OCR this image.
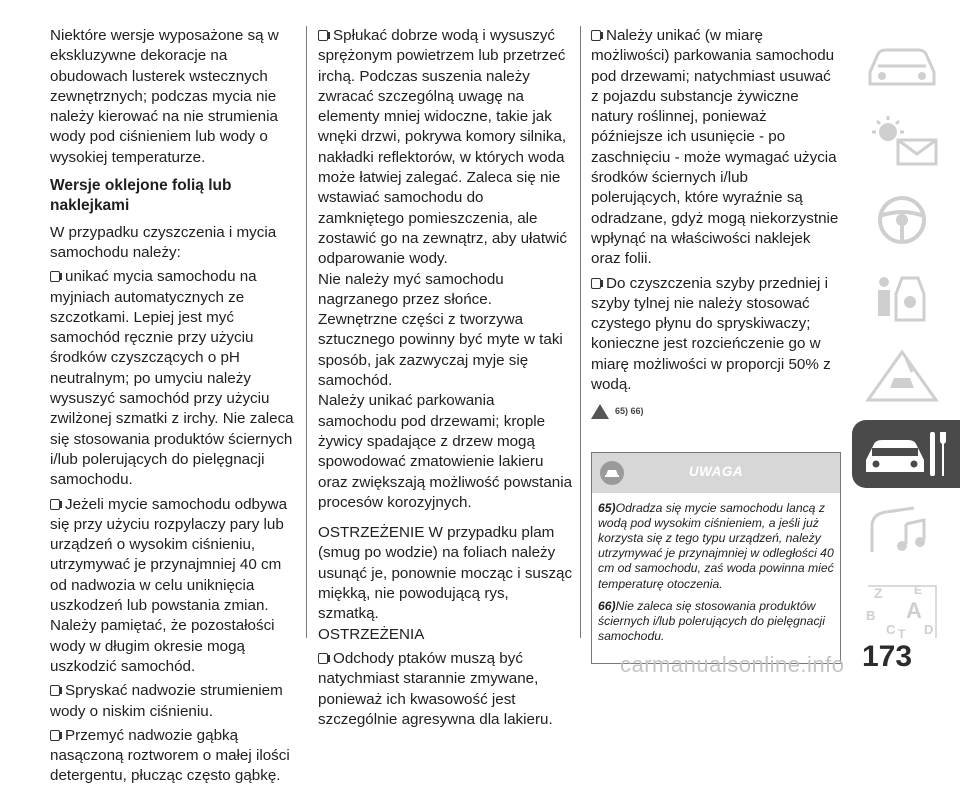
Niektóre wersje wyposażone są w ekskluzywne dekoracje na obudowach lusterek wstecznych zewnętrznych; podczas mycia nie należy kierować na nie strumienia wody pod ciśnieniem lub wody o wysokiej temperaturze.

Wersje oklejone folią lub naklejkami

W przypadku czyszczenia i mycia samochodu należy:

unikać mycia samochodu na myjniach automatycznych ze szczotkami. Lepiej jest myć samochód ręcznie przy użyciu środków czyszczących o pH neutralnym; po umyciu należy wysuszyć samochód przy użyciu zwilżonej szmatki z irchy. Nie zaleca się stosowania produktów ściernych i/lub polerujących do pielęgnacji samochodu.

Jeżeli mycie samochodu odbywa się przy użyciu rozpylaczy pary lub urządzeń o wysokim ciśnieniu, utrzymywać je przynajmniej 40 cm od nadwozia w celu uniknięcia uszkodzeń lub powstania zmian. Należy pamiętać, że pozostałości wody w długim okresie mogą uszkodzić samochód.

Spryskać nadwozie strumieniem wody o niskim ciśnieniu.

Przemyć nadwozie gąbką nasączoną roztworem o małej ilości detergentu, płucząc często gąbkę.

Spłukać dobrze wodą i wysuszyć sprężonym powietrzem lub przetrzeć irchą. Podczas suszenia należy zwracać szczególną uwagę na elementy mniej widoczne, takie jak wnęki drzwi, pokrywa komory silnika, nakładki reflektorów, w których woda może łatwiej zalegać. Zaleca się nie wstawiać samochodu do zamkniętego pomieszczenia, ale zostawić go na zewnątrz, aby ułatwić odparowanie wody.

Nie należy myć samochodu nagrzanego przez słońce.
Zewnętrzne części z tworzywa sztucznego powinny być myte w taki sposób, jak zazwyczaj myje się samochód.
Należy unikać parkowania samochodu pod drzewami; krople żywicy spadające z drzew mogą spowodować zmatowienie lakieru oraz zwiększają możliwość powstania procesów korozyjnych.
OSTRZEŻENIE W przypadku plam (smug po wodzie) na foliach należy usunąć je, ponownie mocząc i susząc miękką, nie powodującą rys, szmatką.
OSTRZEŻENIA

Odchody ptaków muszą być natychmiast starannie zmywane, ponieważ ich kwasowość jest szczególnie agresywna dla lakieru.

Należy unikać (w miarę możliwości) parkowania samochodu pod drzewami; natychmiast usuwać z pojazdu substancje żywiczne natury roślinnej, ponieważ późniejsze ich usunięcie - po zaschnięciu - może wymagać użycia środków ściernych i/lub polerujących, które wyraźnie są odradzane, gdyż mogą niekorzystnie wpłynąć na właściwości naklejek oraz folii.

Do czyszczenia szyby przedniej i szyby tylnej nie należy stosować czystego płynu do spryskiwaczy; konieczne jest rozcieńczenie go w miarę możliwości w proporcji 50% z wodą.

65) 66)
UWAGA

65)Odradza się mycie samochodu lancą z wodą pod wysokim ciśnieniem, a jeśli już korzysta się z tego typu urządzeń, należy utrzymywać je przynajmniej w odległości 40 cm od samochodu, zaś woda powinna mieć temperaturę otoczenia.

66)Nie zaleca się stosowania produktów ściernych i/lub polerujących do pielęgnacji samochodu.

Z	E
B A
C T D
173
carmanualsonline.info
